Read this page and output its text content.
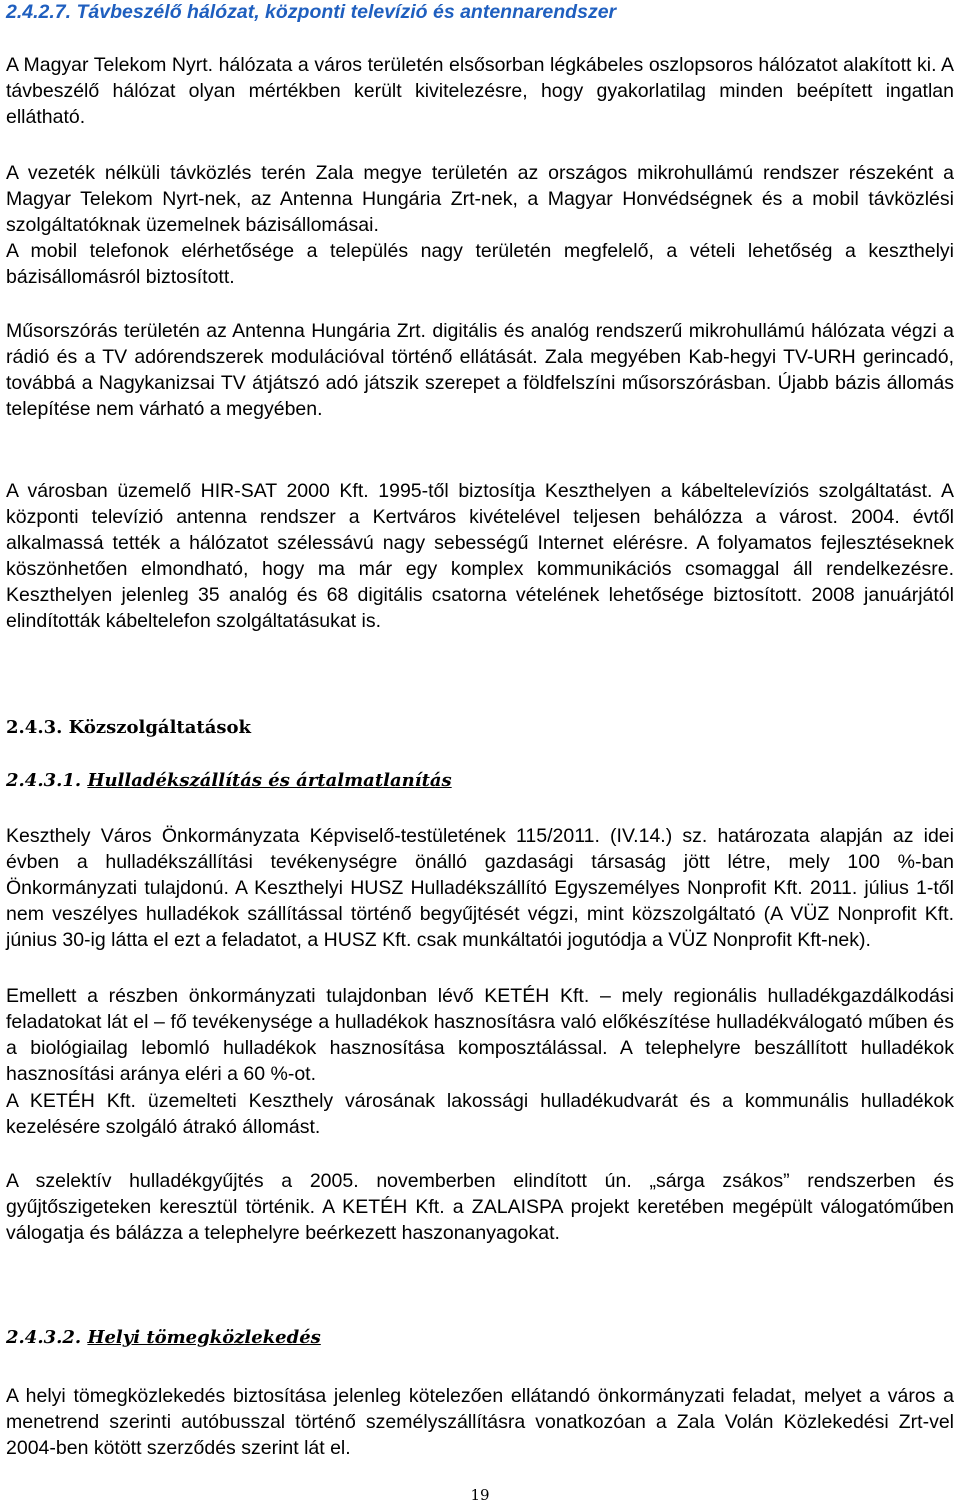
2.4.2.7. Távbeszélő hálózat, központi televízió és antennarendszer

A Magyar Telekom Nyrt. hálózata a város területén elsősorban légkábeles oszlopsoros hálózatot alakított ki. A távbeszélő hálózat olyan mértékben került kivitelezésre, hogy gyakorlatilag minden beépített ingatlan ellátható.

A vezeték nélküli távközlés terén Zala megye területén az országos mikrohullámú rendszer részeként a Magyar Telekom Nyrt-nek, az Antenna Hungária Zrt-nek, a Magyar Honvédségnek és a mobil távközlési szolgáltatóknak üzemelnek bázisállomásai.

A mobil telefonok elérhetősége a település nagy területén megfelelő, a vételi lehetőség a keszthelyi bázisállomásról biztosított.

Műsorszórás területén az Antenna Hungária Zrt. digitális és analóg rendszerű mikrohullámú hálózata végzi a rádió és a TV adórendszerek modulációval történő ellátását. Zala megyében Kab-hegyi TV-URH gerincadó, továbbá a Nagykanizsai TV átjátszó adó játszik szerepet a földfelszíni műsorszórásban. Újabb bázis állomás telepítése nem várható a megyében.

A városban üzemelő HIR-SAT 2000 Kft. 1995-től biztosítja Keszthelyen a kábeltelevíziós szolgáltatást. A központi televízió antenna rendszer a Kertváros kivételével teljesen behálózza a várost. 2004. évtől alkalmassá tették a hálózatot szélessávú nagy sebességű Internet elérésre. A folyamatos fejlesztéseknek köszönhetően elmondható, hogy ma már egy komplex kommunikációs csomaggal áll rendelkezésre. Keszthelyen jelenleg 35 analóg és 68 digitális csatorna vételének lehetősége biztosított. 2008 januárjától elindították kábeltelefon szolgáltatásukat is.

2.4.3. Közszolgáltatások
2.4.3.1. Hulladékszállítás és ártalmatlanítás

Keszthely Város Önkormányzata Képviselő-testületének 115/2011. (IV.14.) sz. határozata alapján az idei évben a hulladékszállítási tevékenységre önálló gazdasági társaság jött létre, mely 100 %-ban Önkormányzati tulajdonú. A Keszthelyi HUSZ Hulladékszállító Egyszemélyes Nonprofit Kft. 2011. július 1-től nem veszélyes hulladékok szállítással történő begyűjtését végzi, mint közszolgáltató (A VÜZ Nonprofit Kft. június 30-ig látta el ezt a feladatot, a HUSZ Kft. csak munkáltatói jogutódja a VÜZ Nonprofit Kft-nek).

Emellett a részben önkormányzati tulajdonban lévő KETÉH Kft. – mely regionális hulladékgazdálkodási feladatokat lát el – fő tevékenysége a hulladékok hasznosításra való előkészítése hulladékválogató műben és a biológiailag lebomló hulladékok hasznosítása komposztálással. A telephelyre beszállított hulladékok hasznosítási aránya eléri a 60 %-ot.

A KETÉH Kft. üzemelteti Keszthely városának lakossági hulladékudvarát és a kommunális hulladékok kezelésére szolgáló átrakó állomást.

A szelektív hulladékgyűjtés a 2005. novemberben elindított ún. „sárga zsákos” rendszerben és gyűjtőszigeteken keresztül történik. A KETÉH Kft. a ZALAISPA projekt keretében megépült válogatóműben válogatja és bálázza a telephelyre beérkezett haszonanyagokat.

2.4.3.2. Helyi tömegközlekedés

A helyi tömegközlekedés biztosítása jelenleg kötelezően ellátandó önkormányzati feladat, melyet a város a menetrend szerinti autóbusszal történő személyszállításra vonatkozóan a Zala Volán Közlekedési Zrt-vel 2004-ben kötött szerződés szerint lát el.

19
